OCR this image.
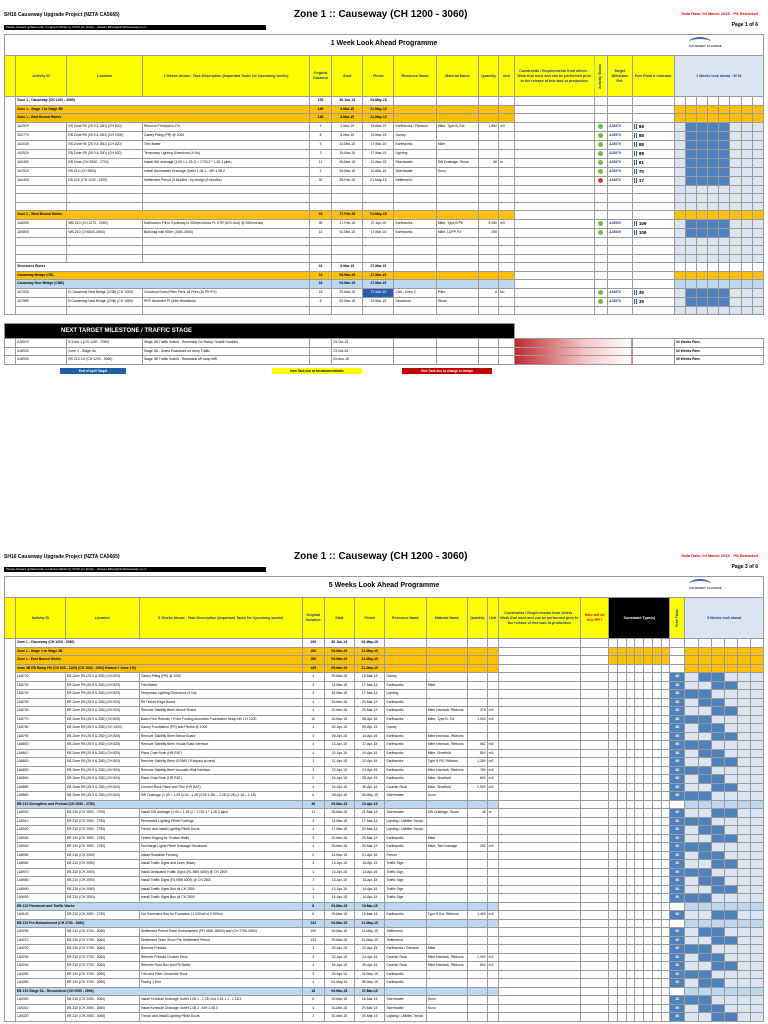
SH16 Causeway Upgrade Project (NZTA CA5665)	Zone 1 :: Causeway (CH 1200 - 3060)	Data Date: 04 March 2015 - PS Extracted
Page 1 of 6
Please forward updated plan to Hassan Elhaw by 03.00 pm Friday - Hassan.Elhaw@sh16causeway.co.nz
1 Week Look Ahead Programme	CAUSEWAY ALLIANCE
	Activity ID	Location	1 Weeks Ahead - Task Description (Important Tasks for Upcoming weeks)	Original Duration	Start	Finish	Resource Name	Material Name	Quantity	Unit	Constraints / Requirements from others - Work that must and can be performed prior to the release of this task to production	Activity Status	Target Milestone Ref.	Free Float & Indicator	1 Weeks look ahead - W 61							
Zone 1	Zone 1 - Causeway (CH 1200 - 3060)			199	30-Jun-14	03-May-15																
	Zone 1 - Stage 1 to Stage 3B			185	9-Mar-15	21-May-15																
	Zone 1 - East Bound Works			185	9-Mar-15	21-May-15																
	1A2920	EB Zone R5 (25.9 & 25D) (CH 820)	Remove Principal to Fix	4	2-Mar-15	15-Mar-15	Earthworks / Remove	Mitre, Type B, Ext	1,860	m3			AJ8970	88								
	1A2770	EB Zone R5 (25.9 & 25D) (CH 1000)	Gantry Piling (PR) @ 1000	8	9-Mar-15	19-Mar-15	Gantry						AJ8970	88								
	1A2030	EB Zone R5 (25.9 & 25D) (CH 820)	Trim Batter	5	12-Mar-15	17-Mar-15	Earthworks	Mitre					AJ8970	88								
	1A2520	EB Zone R5 (25.9 & 25D) (CH 820)	Temporary Lighting Diversions (4 No)	3	15-Mar-15	17-Mar-15	Lighting						AJ8970	88								
	1A0450	EB Zone (CH 2500 - 2700)	Install SW drainage (1.00 × 1.25 Q + 1733.3 * 1.28.3 pipe)	11	06-Mar-15	21-Mar-15	Stormwater	SW Drainage, Stone	48	m			AJ8970	81								
	1A7520	EB Z10 (CH 2500)	Install Stormwater Drainage Outlet 1.08.1 - MH 1.08.2	2	09-Mar-15	10-Mar-15	Stormwater	Sono					AJ8970	70								
	1A0400	EB Z2C (CH 1200 - 1500)	Settlement Period (5 Months - by design (5 Months)	30	28-Feb-15	21-May-15	Settlement						AJ8970	17								

	Zone 1 - West Bound Works			53	17-Feb-15	01-May-15																
	1A6090	WB Z10 (CH 1270 - 2080)	Earthworks Fill to Cycleway to 250mm below FL STR (670-Gnd) @ 250mm/day	35	17-Feb-15	27-Apr-15	Earthworks	Mitre, Type B Fill	5,250	m3			AJ8920	109								
	1A5800	WB Z10 (CH2640-3060)	Bulk bag wall 900m (2060-3060)	13	02-Mar-15	17-Mar-15	Earthworks	Mitre, LDPP P3	255				AJ8920	109								

	Structures Works			18	9-Mar-15	27-Mar-15																
	Causeway Bridge (CB)			18	09-Mar-15	27-Mar-15																
	Causeway New Bridge (CNB)			18	09-Mar-15	27-Mar-15																
	1A7540	B Causeway New Bridge (CNB) (CH 1500)	Construct Bored Piles Piers 16 Piles (3x P6+P4)	18	09-Mar-15	27-Mar-15	Civil - Crew 2	Piles	6	No			AJ8970	39								
	1A7580	B Causeway New Bridge (CNB) (CH 1500)	PRP Abutment Pl Units Headstock	8	09-Mar-15	19-Mar-15	Structures	Stone					AJ8970	39								

NEXT TARGET MILESTONE / TRAFFIC STAGE												
	AJ8970	B Zone 1 (CH 1200 - 3760)	Stage 3B Traffic Switch - Rosebank On Ramp / Install Gantries		23-Oct-15							34 Weeks Rem.
	AJ8920	Zone 1 - Stage 3A	Stage 3A - Grand Roadwork on ramp Traffic		23-Oct-15							34 Weeks Rem.
	AJ8930	EB Z10 3,6 (CH 1200 - 3060)	Stage 3B Traffic Switch - Rosebank off ramp WB		03-Nov-15							35 Weeks Rem.
End of April Target	New Task due to breakdown/details	New Task due to change in design
SH16 Causeway Upgrade Project (NZTA CA5665)	Zone 1 :: Causeway (CH 1200 - 3060)	Data Date: 04 March 2015 - PS Extracted
Page 3 of 6
Please forward updated plan to Hassan Elhaw by 03.00 pm Friday - Hassan.Elhaw@sh16causeway.co.nz
5 Weeks Look Ahead Programme	CAUSEWAY ALLIANCE
	Activity ID	Location	5 Weeks Ahead - Task Description (Important Tasks for Upcoming weeks)	Original Duration	Start	Finish	Resource Name	Material Name	Quantity	Unit	Constraints / Requirements from others - Work that must and can be performed prior to the release of this task to production	Who will do this RFI?	Constraint Type(s)							Free Float	5 Weeks look ahead					
Zone 1	Zone 1 - Causeway (CH 1200 - 3060)			199	30-Jun-14	03-May-15																				
	Zone 1 - Stage 1 to Stage 3B			185	09-Mar-15	21-May-15																				
	Zone 1 - East Bound Works			185	09-Mar-15	21-May-15																				
	Zone 4B EB Ramp Fill (CH 825 - 1100) (CH 1600 - 1900) Extend + Zone 3 B)			145	09-Mar-15	21-May-15																				
	1A8720	EB Zone R5 (25.9 & 25D) (CH 820)	Gantry Piling (PR) @ 1000	4	09-Mar-15	18-Mar-15	Gantry													88						
	1A8730	EB Zone R5 (25.9 & 25D) (CH 820)	Trim Batter	3	13-Mar-15	17-Mar-15	Earthworks	Mitre												88						
	1A8740	EB Zone R5 (25.9 & 25D) (CH 820)	Temporary Lighting Diversions (4 No)	3	15-Mar-15	17-Mar-15	Lighting													88						
	1A8750	EB Zone R5 (25.9 & 25D) (CH 820)	Rlt Timber Edge Board	4	16-Mar-15	20-Mar-15	Earthworks													88						
	1A8760	EB Zone R5 (25.9 & 25D) (CH 820)	Remove Stability Berm Above Board	4	20-Mar-15	25-Mar-15	Earthworks	Mitre Interlock, Ribbons	375	m3										88						
	1A8770	EB Zone R5 (25.9 & 25D) (CH 820)	Batch Fine Rebuild + Form Footing Acoustics Foundation Setup Mh CH 1200	10	26-Mar-15	08-Apr-15	Earthworks	Mitre, Type B, Ext	1,000	m3										88						
	1A8780	EB Zone R5 (25.9 & 25D) (CH 1000)	Gantry Foundation (PR) and Plinths @ 1000	4	02-Apr-15	09-Apr-15	Gantry													88						
	1A8790	EB Zone R5 (25.9 & 25D) (CH 820)	Remove Stability Berm Below Board	3	09-Apr-15	14-Apr-15	Earthworks	Mitre Interlock, Ribbons												88						
	1A8800	EB Zone R5 (25.9 & 25D) (CH 820)	Remove Stability Berm Insula Road Interface	4	13-Apr-15	17-Apr-15	Earthworks	Mitre Interlock, Ribbons	562	m3										88						
	1A8810	EB Zone R5 (25.9 & 25D) (CH 820)	Place Crab Rock (HR RAT)	4	20-Apr-15	24-Apr-15	Earthworks	Mitre, Shortfold	800	m3										88						
	1A8820	EB Zone R5 (25.9 & 25D) (CH 820)	Remove Stability Berm (E0360 Of Impact at rank)	1	21-Apr-15	22-Apr-15	Earthworks	Type B Fill, Ribbons	1,350	m3										88						
	1A8830	EB Zone R5 (25.9 & 25D) (CH 820)	Remove Stability Berm Acoustic Wall Interface	3	22-Apr-15	24-Apr-15	Earthworks	Mitre Interlock, Ribbons	750	m3										88						
	1A8840	EB Zone R5 (25.9 & 25D) (CH 820)	Place Crab Rock (HR RAT)	2	24-Apr-15	28-Apr-15	Earthworks	Mitre, Shortfold	800	m3										88						
	1A8850	EB Zone R5 (25.9 & 25D) (CH 820)	Crusher Rock Place and Trim (HR RAT)	4	24-Apr-15	30-Apr-15	Crusher Rock	Mitre, Shortfold	2,900	m3										88						
	1A8860	EB Zone R5 (25.9 & 25D) (CH 820)	SW Drainage (1.00 × 1.25 Q.25 - 1.28 (3.25 1.28) – 1.28 (3.25) (1.18 – 1.18)	6	28-Apr-15	06-May-15	Stormwater	Sono												88						
	EB Z10 Strengthen and Preload (CH 2050 - 2750)			36	09-Mar-15	13-Apr-15																				
	1A8900	EB Z10 (CH 2500 - 2700)	Install SW drainage (1.00 × 1.25 Q + 1733.3 * 1.28.3 pipe)	11	06-Mar-15	21-Mar-15	Stormwater	SW Drainage, Stone	48	m										80						
	1A8910	EB Z10 (CH 2050 - 2750)	Permanent Lighting Plinth Footings	3	13-Mar-15	17-Mar-15	Lighting / Utilities Trench													80						
	1A8920	EB Z10 (CH 2050 - 2750)	Trench and Install Lighting Plinth Ducts	4	17-Mar-15	20-Mar-15	Lighting / Utilities Trench													80						
	1A8930	EB Z10 (CH 2050 - 2750)	Timber Edging for Trustee Walls	3	20-Mar-15	25-Mar-15	Earthworks	Mitre												80						
	1A8940	EB Z10 (CH 2050 - 2750)	Surcharge Lights Plinth Drainage Structures	4	25-Mar-15	30-Mar-15	Earthworks	Mitre, Tab Drainage	250	m3										80						
	1A8950	EB Z10 (CH 2050)	Install Roadside Fencing	2	31-Mar-15	01-Apr-15	Fencer													80						
	1A8960	EB Z10 (CH 2050)	Install Traffic Signs and Lines (Main)	3	13-Apr-15	15-Apr-15	Traffic Sign													80						
	1A8970	EB Z10 (CH 2050)	Install Dedicated Traffic Signs (RL BB5 4000) @ CH 2500	1	13-Apr-15	13-Apr-15	Traffic Sign													80						
	1A8980	EB Z10 (CH 2050)	Install Traffic Signs (RL BB5 4000) @ CH 2500	1	13-Apr-15	13-Apr-15	Traffic Sign													80						
	1A8990	EB Z10 (CH 2050)	Install Traffic Signs Bus @ CH 2500	1	13-Apr-15	14-Apr-15	Traffic Sign													80						
	1A9000	EB Z10 (CH 2050)	Install Traffic Signs Bus @ CH 2500	1	14-Apr-15	14-Apr-15	Traffic Sign													80						
	EB Z10 Pavement and Traffic Works			8	09-Mar-15	19-Mar-15																				
	1A9100	EB Z10 (CH 2050 - 2750)	Cut Pavement Box for Formation (1.000m3 to 0.500m)	6	09-Mar-15	19-Mar-15	Earthworks	Type B Ext, Ribbons	1,460	m3										80						
	EB Z10 Pre-Embankment (CH 2750 - 3060)			133	09-Mar-15	21-May-15																				
	1A9200	EB Z10 (CH 2750 - 3060)	Settlement Period Since Embankment (PH 4860 18000) and (CH 2790-2900)	100	09-Mar-15	21-May-15	Settlement													80						
	1A9210	EB Z10 (CH 2750 - 3060)	Settlement Team Since Pre-Settlement Period	133	09-Mar-15	21-May-15	Settlement													80						
	1A9220	EB Z10 (CH 2750 - 3060)	Remove Preload	3	20-Apr-15	22-Apr-15	Earthworks / Remove	Mitre												80						
	1A9230	EB Z10 (CH 2750 - 3060)	Remove Preload Crusher Rock	3	22-Apr-15	24-Apr-15	Crusher Rock	Mitre Interlock, Ribbons	2,900	m3										80						
	1A9240	EB Z10 (CH 2750 - 3060)	Remove Rock Box and Fill Batter	4	24-Apr-15	30-Apr-15	Crusher Rock	Mitre Interlock, Ribbons	800	m3										80						
	1A9250	EB Z10 (CH 2750 - 3060)	Trim and Filter Geotextile Rock	3	30-Apr-15	04-May-15	Earthworks													80						
	1A9260	EB Z10 (CH 2750 - 3060)	Paving 1 Hire	4	04-May-15	08-May-15	Earthworks													80						
	EB Z10 Stage 3A - Reconstruct (CH 2050 - 3060)			18	09-Mar-15	27-Mar-15																				
	1A9300	EB Z10 (CH 2050 - 3060)	Install Kerbside Drainage Outlet 1.08.1 - 1.28 Cnd 0.15 1.1 - 1.18.3	6	09-Mar-15	16-Mar-15	Stormwater	Sono												80						
	1A9310	EB Z10 (CH 2050 - 3060)	Install Kerbside Drainage Outlet 1.08.3 - MH 1.08.3	4	16-Mar-15	20-Mar-15	Stormwater	Sono												80						
	1A9320	EB Z10 (CH 2050 - 3060)	Trench and Install Lighting Plinth Ducts	3	20-Mar-15	25-Mar-15	Lighting / Utilities Trench													80						
